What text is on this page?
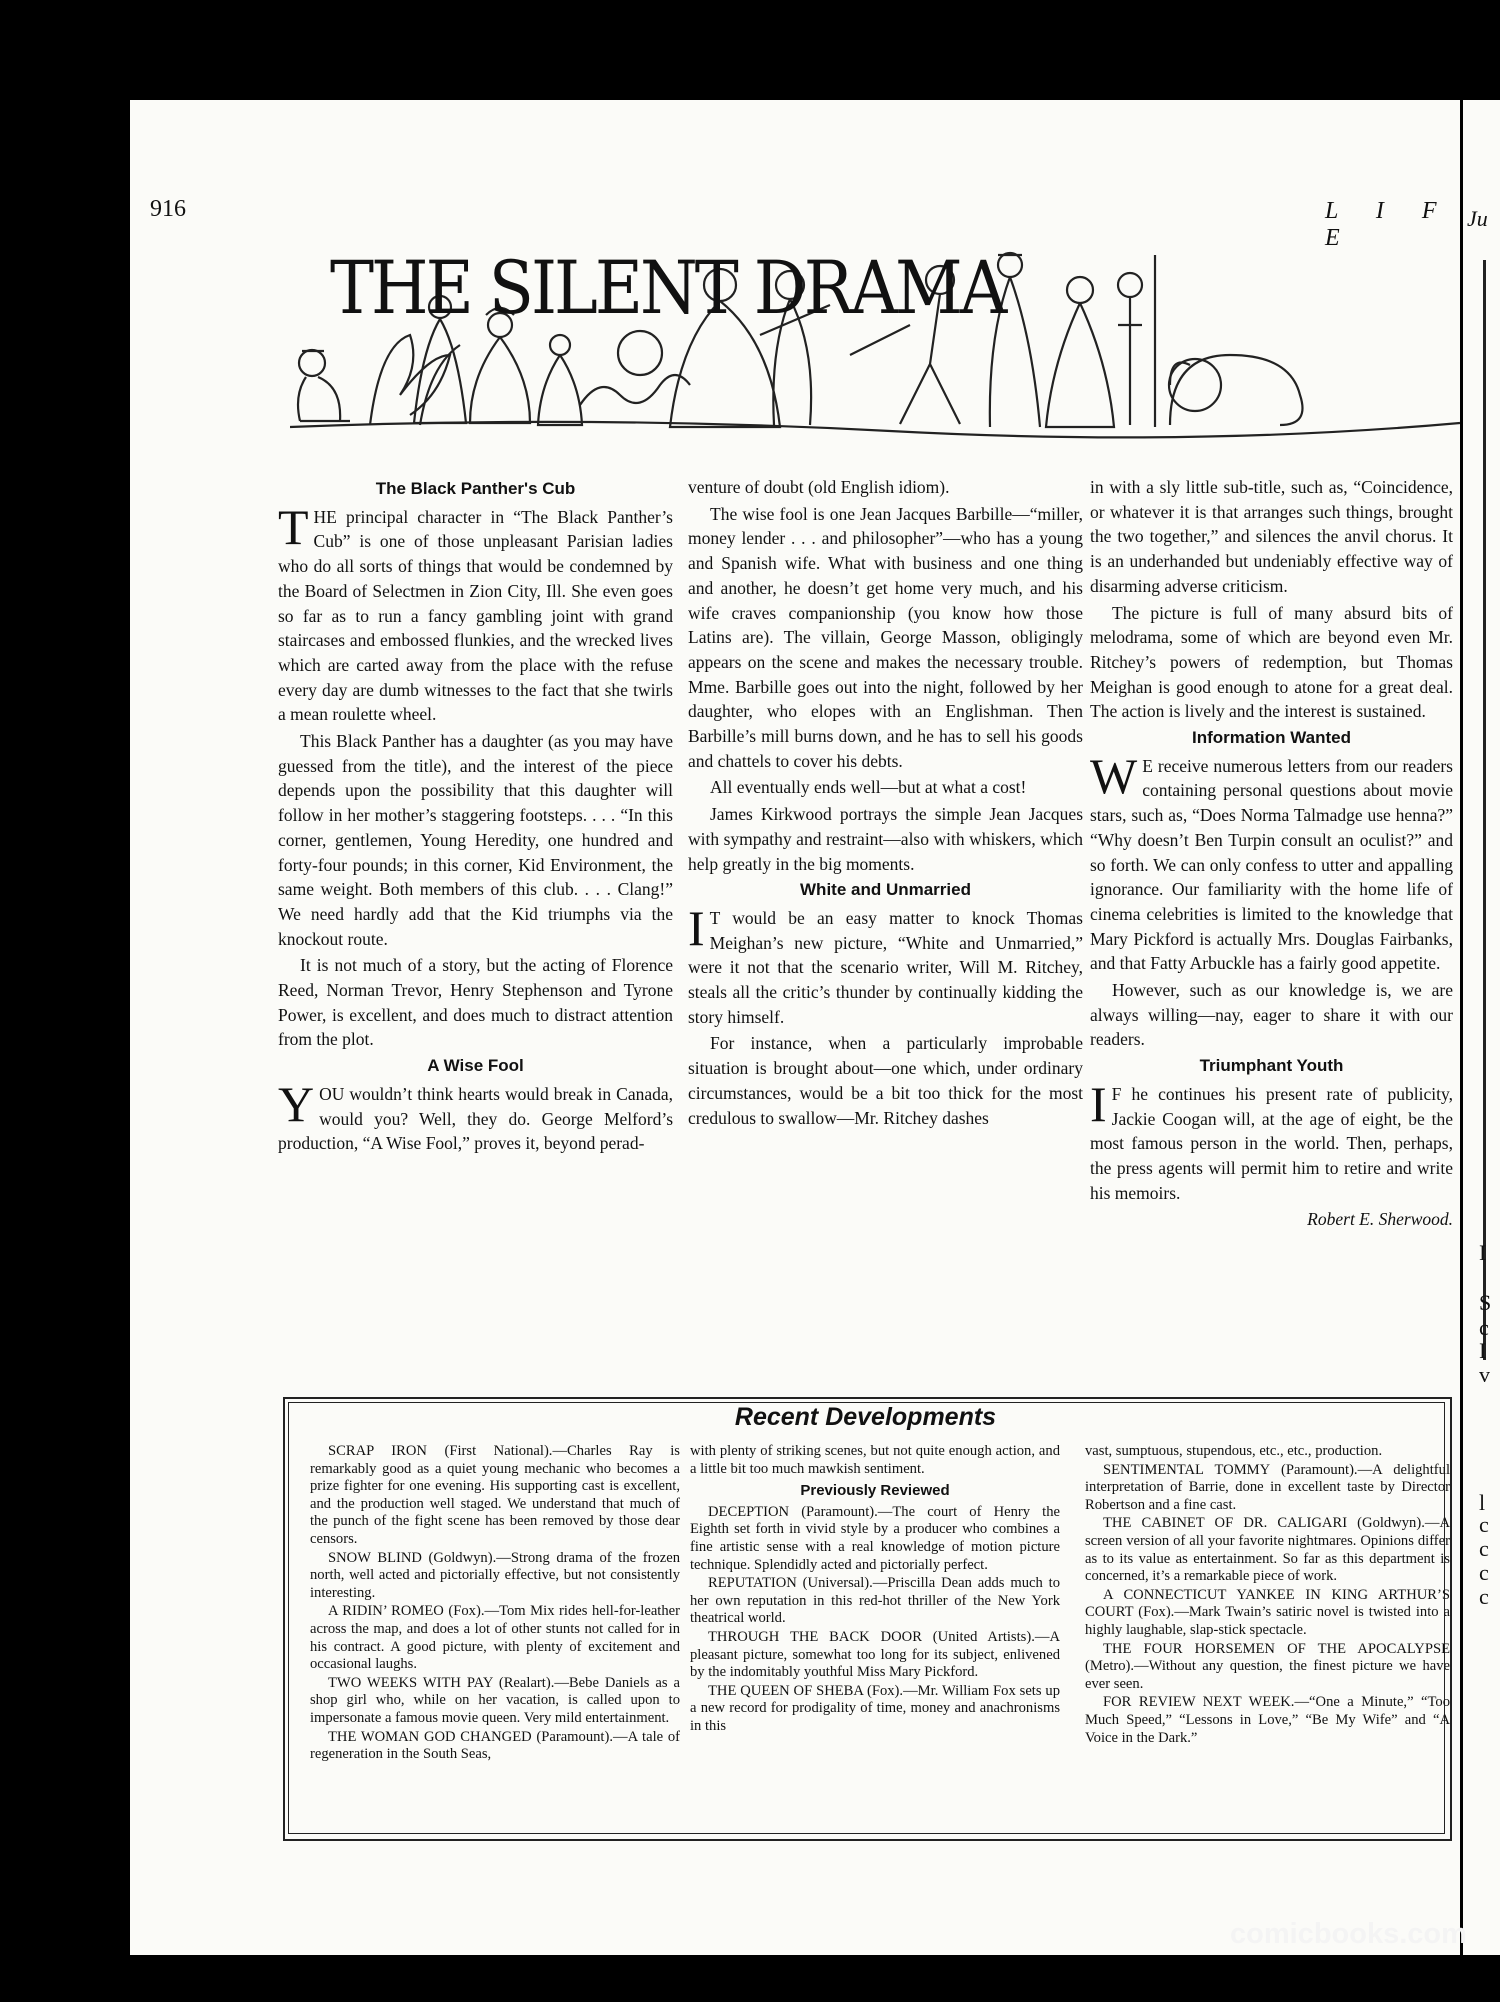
Ju
I
S
c
I
v
l
c
c
c
c
916	L I F E
THE SILENT DRAMA
The Black Panther's Cub

THE principal character in “The Black Panther’s Cub” is one of those unpleasant Parisian ladies who do all sorts of things that would be condemned by the Board of Selectmen in Zion City, Ill. She even goes so far as to run a fancy gambling joint with grand staircases and embossed flunkies, and the wrecked lives which are carted away from the place with the refuse every day are dumb witnesses to the fact that she twirls a mean roulette wheel.

This Black Panther has a daughter (as you may have guessed from the title), and the interest of the piece depends upon the possibility that this daughter will follow in her mother’s staggering footsteps. . . . “In this corner, gentlemen, Young Heredity, one hundred and forty-four pounds; in this corner, Kid Environment, the same weight. Both members of this club. . . . Clang!” We need hardly add that the Kid triumphs via the knockout route.

It is not much of a story, but the acting of Florence Reed, Norman Trevor, Henry Stephenson and Tyrone Power, is excellent, and does much to distract attention from the plot.

A Wise Fool

YOU wouldn’t think hearts would break in Canada, would you? Well, they do. George Melford’s production, “A Wise Fool,” proves it, beyond perad-

venture of doubt (old English idiom).

The wise fool is one Jean Jacques Barbille—“miller, money lender . . . and philosopher”—who has a young and Spanish wife. What with business and one thing and another, he doesn’t get home very much, and his wife craves companionship (you know how those Latins are). The villain, George Masson, obligingly appears on the scene and makes the necessary trouble. Mme. Barbille goes out into the night, followed by her daughter, who elopes with an Englishman. Then Barbille’s mill burns down, and he has to sell his goods and chattels to cover his debts.

All eventually ends well—but at what a cost!

James Kirkwood portrays the simple Jean Jacques with sympathy and restraint—also with whiskers, which help greatly in the big moments.

White and Unmarried

IT would be an easy matter to knock Thomas Meighan’s new picture, “White and Unmarried,” were it not that the scenario writer, Will M. Ritchey, steals all the critic’s thunder by continually kidding the story himself.

For instance, when a particularly improbable situation is brought about—one which, under ordinary circumstances, would be a bit too thick for the most credulous to swallow—Mr. Ritchey dashes

in with a sly little sub-title, such as, “Coincidence, or whatever it is that arranges such things, brought the two together,” and silences the anvil chorus. It is an underhanded but undeniably effective way of disarming adverse criticism.

The picture is full of many absurd bits of melodrama, some of which are beyond even Mr. Ritchey’s powers of redemption, but Thomas Meighan is good enough to atone for a great deal. The action is lively and the interest is sustained.

Information Wanted

WE receive numerous letters from our readers containing personal questions about movie stars, such as, “Does Norma Talmadge use henna?” “Why doesn’t Ben Turpin consult an oculist?” and so forth. We can only confess to utter and appalling ignorance. Our familiarity with the home life of cinema celebrities is limited to the knowledge that Mary Pickford is actually Mrs. Douglas Fairbanks, and that Fatty Arbuckle has a fairly good appetite.

However, such as our knowledge is, we are always willing—nay, eager to share it with our readers.

Triumphant Youth

IF he continues his present rate of publicity, Jackie Coogan will, at the age of eight, be the most famous person in the world. Then, perhaps, the press agents will permit him to retire and write his memoirs.

Robert E. Sherwood.

Recent Developments

SCRAP IRON (First National).—Charles Ray is remarkably good as a quiet young mechanic who becomes a prize fighter for one evening. His supporting cast is excellent, and the production well staged. We understand that much of the punch of the fight scene has been removed by those dear censors.

SNOW BLIND (Goldwyn).—Strong drama of the frozen north, well acted and pictorially effective, but not consistently interesting.

A RIDIN’ ROMEO (Fox).—Tom Mix rides hell-for-leather across the map, and does a lot of other stunts not called for in his contract. A good picture, with plenty of excitement and occasional laughs.

TWO WEEKS WITH PAY (Realart).—Bebe Daniels as a shop girl who, while on her vacation, is called upon to impersonate a famous movie queen. Very mild entertainment.

THE WOMAN GOD CHANGED (Paramount).—A tale of regeneration in the South Seas,

with plenty of striking scenes, but not quite enough action, and a little bit too much mawkish sentiment.

Previously Reviewed

DECEPTION (Paramount).—The court of Henry the Eighth set forth in vivid style by a producer who combines a fine artistic sense with a real knowledge of motion picture technique. Splendidly acted and pictorially perfect.

REPUTATION (Universal).—Priscilla Dean adds much to her own reputation in this red-hot thriller of the New York theatrical world.

THROUGH THE BACK DOOR (United Artists).—A pleasant picture, somewhat too long for its subject, enlivened by the indomitably youthful Miss Mary Pickford.

THE QUEEN OF SHEBA (Fox).—Mr. William Fox sets up a new record for prodigality of time, money and anachronisms in this

vast, sumptuous, stupendous, etc., etc., production.

SENTIMENTAL TOMMY (Paramount).—A delightful interpretation of Barrie, done in excellent taste by Director Robertson and a fine cast.

THE CABINET OF DR. CALIGARI (Goldwyn).—A screen version of all your favorite nightmares. Opinions differ as to its value as entertainment. So far as this department is concerned, it’s a remarkable piece of work.

A CONNECTICUT YANKEE IN KING ARTHUR’S COURT (Fox).—Mark Twain’s satiric novel is twisted into a highly laughable, slap-stick spectacle.

THE FOUR HORSEMEN OF THE APOCALYPSE (Metro).—Without any question, the finest picture we have ever seen.

FOR REVIEW NEXT WEEK.—“One a Minute,” “Too Much Speed,” “Lessons in Love,” “Be My Wife” and “A Voice in the Dark.”

comicbooks.com
